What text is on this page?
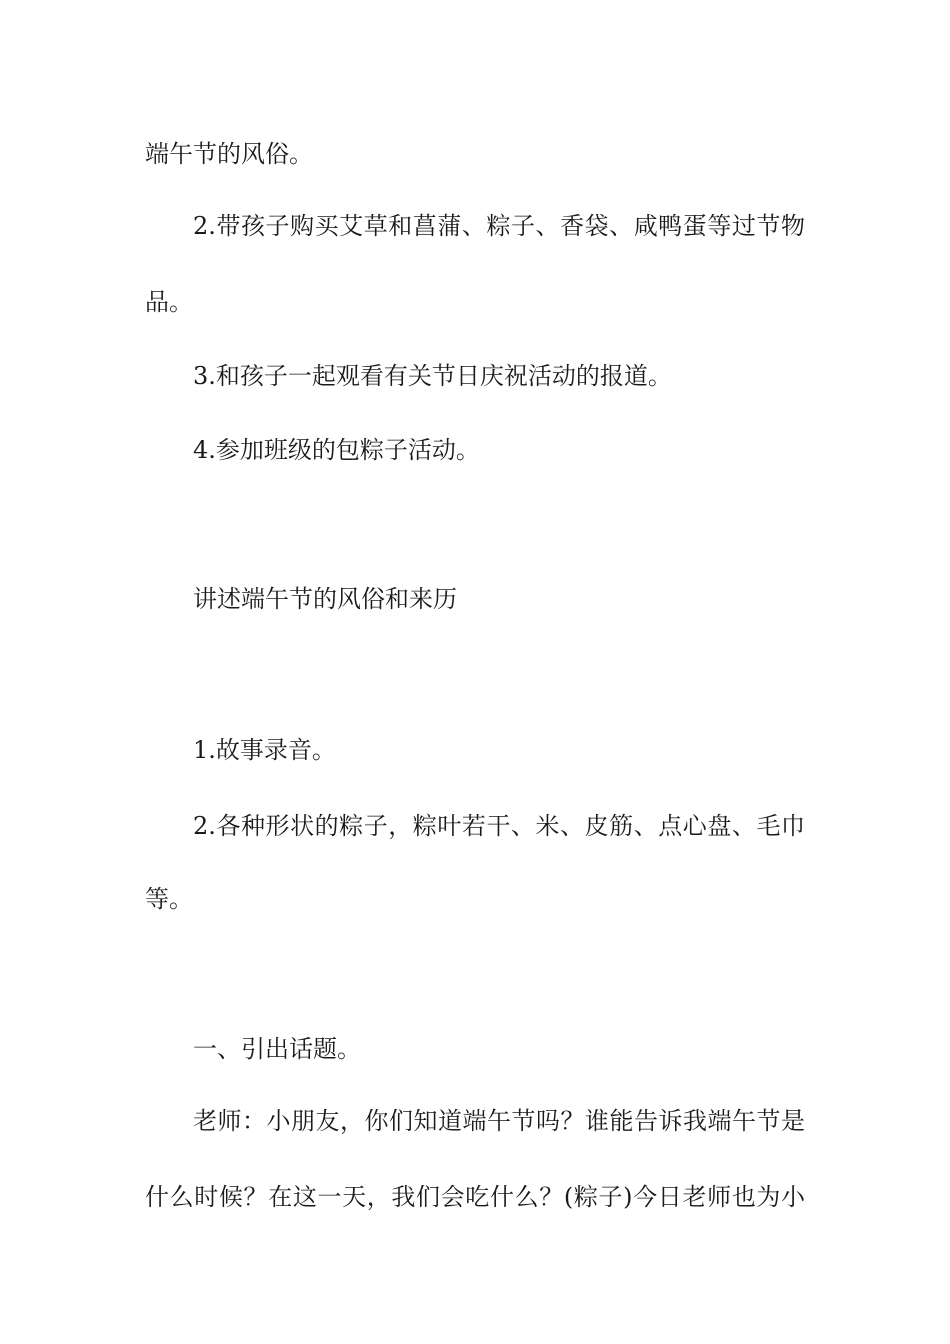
端午节的风俗。
2.带孩子购买艾草和菖蒲、粽子、香袋、咸鸭蛋等过节物
品。
3.和孩子一起观看有关节日庆祝活动的报道。
4.参加班级的包粽子活动。
讲述端午节的风俗和来历
1.故事录音。
2.各种形状的粽子，粽叶若干、米、皮筋、点心盘、毛巾
等。
一、引出话题。
老师：小朋友，你们知道端午节吗？谁能告诉我端午节是
什么时候？在这一天，我们会吃什么？(粽子)今日老师也为小
